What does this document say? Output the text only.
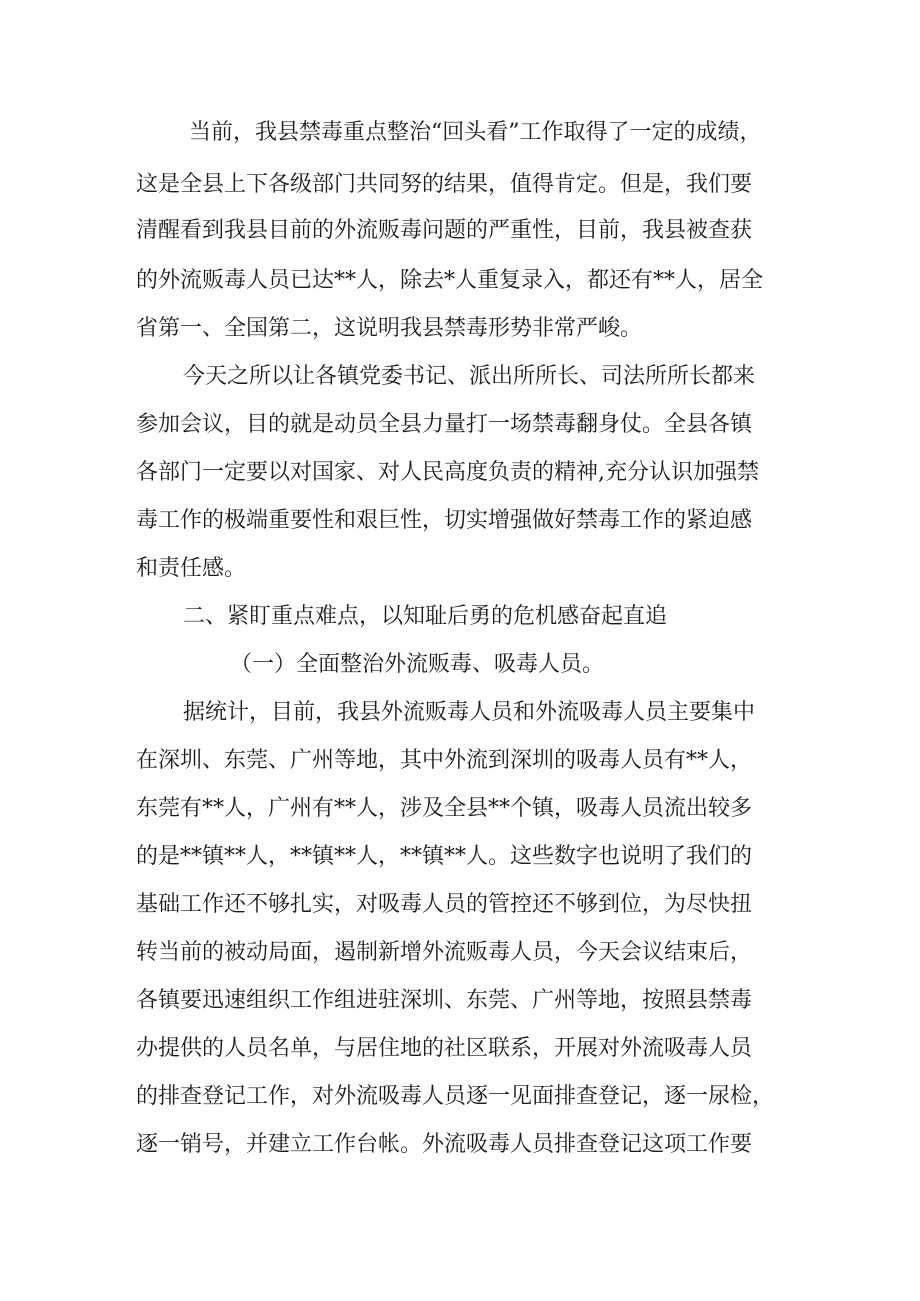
当前，我县禁毒重点整治“回头看”工作取得了一定的成绩，
这是全县上下各级部门共同努的结果，值得肯定。但是，我们要
清醒看到我县目前的外流贩毒问题的严重性，目前，我县被查获
的外流贩毒人员已达**人，除去*人重复录入，都还有**人，居全
省第一、全国第二，这说明我县禁毒形势非常严峻。
今天之所以让各镇党委书记、派出所所长、司法所所长都来
参加会议，目的就是动员全县力量打一场禁毒翻身仗。全县各镇
各部门一定要以对国家、对人民高度负责的精神,充分认识加强禁
毒工作的极端重要性和艰巨性，切实增强做好禁毒工作的紧迫感
和责任感。
二、紧盯重点难点，以知耻后勇的危机感奋起直追
（一）全面整治外流贩毒、吸毒人员。
据统计，目前，我县外流贩毒人员和外流吸毒人员主要集中
在深圳、东莞、广州等地，其中外流到深圳的吸毒人员有**人，
东莞有**人，广州有**人，涉及全县**个镇，吸毒人员流出较多
的是**镇**人，**镇**人，**镇**人。这些数字也说明了我们的
基础工作还不够扎实，对吸毒人员的管控还不够到位，为尽快扭
转当前的被动局面，遏制新增外流贩毒人员，今天会议结束后，
各镇要迅速组织工作组进驻深圳、东莞、广州等地，按照县禁毒
办提供的人员名单，与居住地的社区联系，开展对外流吸毒人员
的排查登记工作，对外流吸毒人员逐一见面排查登记，逐一尿检，
逐一销号，并建立工作台帐。外流吸毒人员排查登记这项工作要
